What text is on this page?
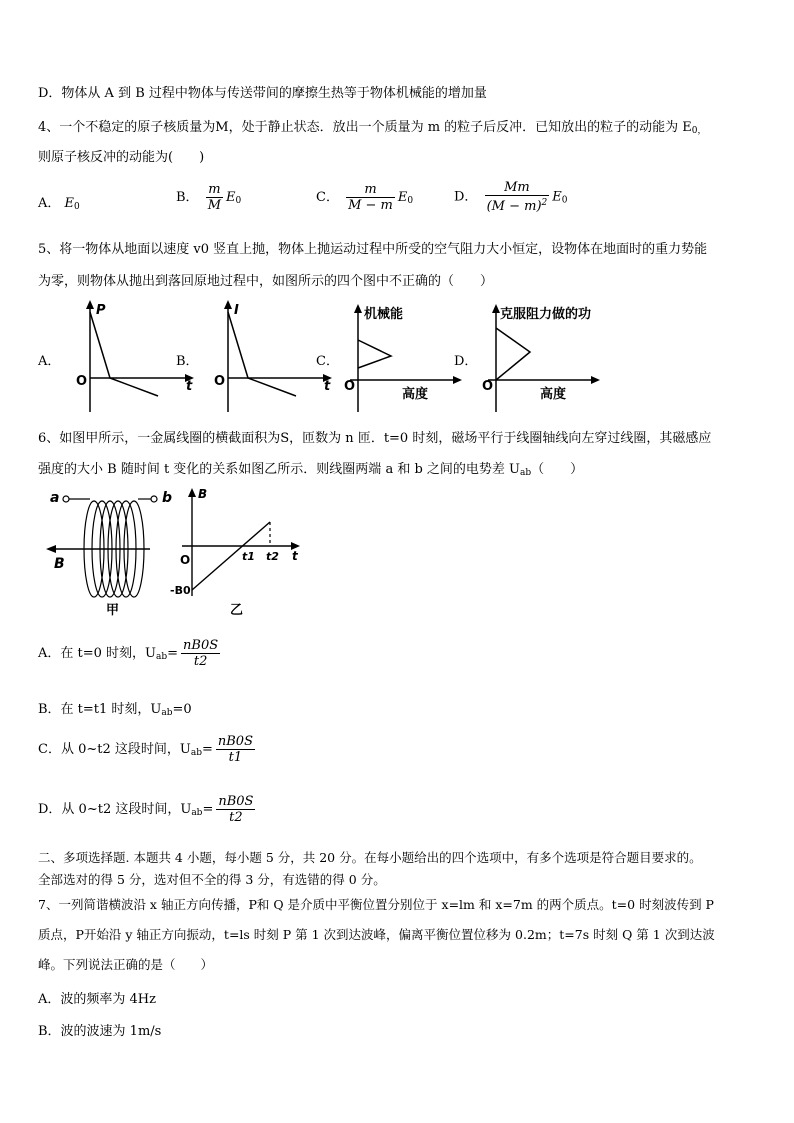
D．物体从 A 到 B 过程中物体与传送带间的摩擦生热等于物体机械能的增加量
4、一个不稳定的原子核质量为M，处于静止状态．放出一个质量为 m 的粒子后反冲．已知放出的粒子的动能为 $E_{0,}$
则原子核反冲的动能为(　　)
A． $E_0$
B． $\frac{m}{M} E_0$	C． $\frac{m}{M - m} E_0$	D． $\frac{Mm}{(M - m)^2} E_0$
5、将一物体从地面以速度 v0 竖直上抛，物体上抛运动过程中所受的空气阻力大小恒定，设物体在地面时的重力势能
为零，则物体从抛出到落回原地过程中，如图所示的四个图中不正确的（　　）
A．
P
O	t
B．
I
O	t
C．
机械能
O
高度
D．
克服阻力做的功
O
高度
6、如图甲所示，一金属线圈的横截面积为S，匝数为 n 匝．t=0 时刻，磁场平行于线圈轴线向左穿过线圈，其磁感应
强度的大小 B 随时间 t 变化的关系如图乙所示．则线圈两端 a 和 b 之间的电势差 $U_{ab}$（　　）
a	b
B
甲
B
O	t1 t2 t
-B0
乙
A．在 t=0 时刻，$U_{ab}= \frac{nB0S}{t2}$
B．在 t=t1 时刻，$U_{ab}=0$
C．从 0~t2 这段时间，$U_{ab}= \frac{nB0S}{t1}$
D．从 0~t2 这段时间，$U_{ab}= \frac{nB0S}{t2}$
二、多项选择题. 本题共 4 小题，每小题 5 分，共 20 分。在每小题给出的四个选项中，有多个选项是符合题目要求的。
全部选对的得 5 分，选对但不全的得 3 分，有选错的得 0 分。
7、一列简谐横波沿 x 轴正方向传播，P和 Q 是介质中平衡位置分别位于 x=lm 和 x=7m 的两个质点。t=0 时刻波传到 P
质点，P开始沿 y 轴正方向振动，t=ls 时刻 P 第 1 次到达波峰，偏离平衡位置位移为 0.2m；t=7s 时刻 Q 第 1 次到达波
峰。下列说法正确的是（　　）
A．波的频率为 4Hz
B．波的波速为 1m/s
